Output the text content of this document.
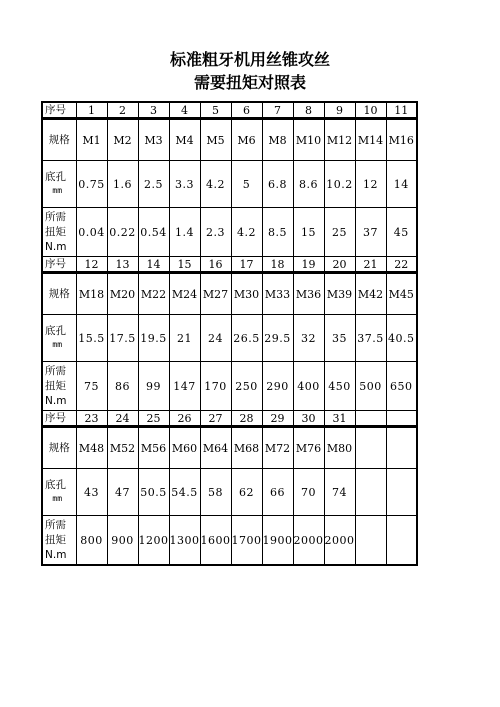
标准粗牙机用丝锥攻丝
需要扭矩对照表
序号	1	2	3	4	5	6	7	8	9	10	11
规格	M1	M2	M3	M4	M5	M6	M8	M10	M12	M14	M16
底孔
mm	0.75	1.6	2.5	3.3	4.2	5	6.8	8.6	10.2	12	14

所需
扭矩
N.m	0.04	0.22	0.54	1.4	2.3	4.2	8.5	15	25	37	45
序号	12	13	14	15	16	17	18	19	20	21	22
规格	M18	M20	M22	M24	M27	M30	M33	M36	M39	M42	M45
底孔
mm	15.5	17.5	19.5	21	24	26.5	29.5	32	35	37.5	40.5

所需
扭矩
N.m	75	86	99	147	170	250	290	400	450	500	650
序号	23	24	25	26	27	28	29	30	31		
规格	M48	M52	M56	M60	M64	M68	M72	M76	M80		
底孔
mm	43	47	50.5	54.5	58	62	66	70	74		

所需
扭矩
N.m	800	900	1200	1300	1600	1700	1900	2000	2000		
